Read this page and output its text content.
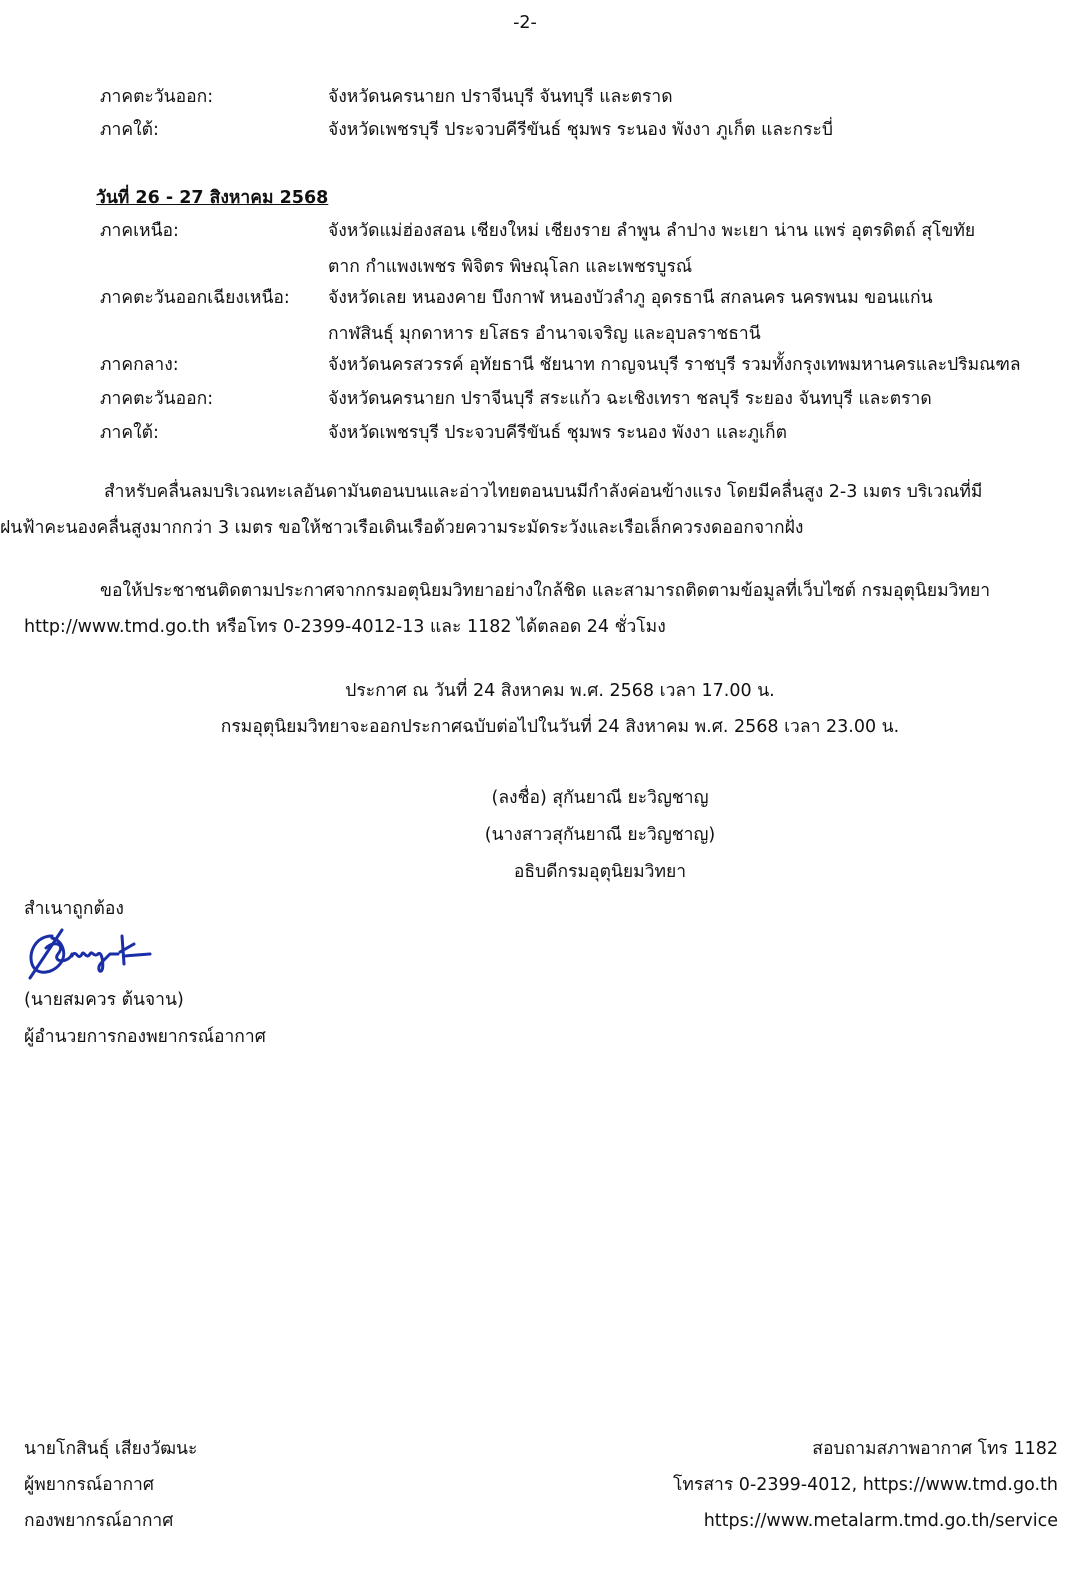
-2-
ภาคตะวันออก:	จังหวัดนครนายก ปราจีนบุรี จันทบุรี และตราด
ภาคใต้:	จังหวัดเพชรบุรี ประจวบคีรีขันธ์ ชุมพร ระนอง พังงา ภูเก็ต และกระบี่
วันที่ 26 - 27 สิงหาคม 2568
ภาคเหนือ:	จังหวัดแม่ฮ่องสอน เชียงใหม่ เชียงราย ลำพูน ลำปาง พะเยา น่าน แพร่ อุตรดิตถ์ สุโขทัย
ตาก กำแพงเพชร พิจิตร พิษณุโลก และเพชรบูรณ์
ภาคตะวันออกเฉียงเหนือ: จังหวัดเลย หนองคาย บึงกาฬ หนองบัวลำภู อุดรธานี สกลนคร นครพนม ขอนแก่น
กาฬสินธุ์ มุกดาหาร ยโสธร อำนาจเจริญ และอุบลราชธานี
ภาคกลาง:	จังหวัดนครสวรรค์ อุทัยธานี ชัยนาท กาญจนบุรี ราชบุรี รวมทั้งกรุงเทพมหานครและปริมณฑล
ภาคตะวันออก:	จังหวัดนครนายก ปราจีนบุรี สระแก้ว ฉะเชิงเทรา ชลบุรี ระยอง จันทบุรี และตราด
ภาคใต้:	จังหวัดเพชรบุรี ประจวบคีรีขันธ์ ชุมพร ระนอง พังงา และภูเก็ต
สำหรับคลื่นลมบริเวณทะเลอันดามันตอนบนและอ่าวไทยตอนบนมีกำลังค่อนข้างแรง โดยมีคลื่นสูง 2-3 เมตร บริเวณที่มี
ฝนฟ้าคะนองคลื่นสูงมากกว่า 3 เมตร ขอให้ชาวเรือเดินเรือด้วยความระมัดระวังและเรือเล็กควรงดออกจากฝั่ง
ขอให้ประชาชนติดตามประกาศจากกรมอตุนิยมวิทยาอย่างใกล้ชิด และสามารถติดตามข้อมูลที่เว็บไซต์ กรมอุตุนิยมวิทยา
http://www.tmd.go.th หรือโทร 0-2399-4012-13 และ 1182 ได้ตลอด 24 ชั่วโมง
ประกาศ ณ วันที่ 24 สิงหาคม พ.ศ. 2568 เวลา 17.00 น.
กรมอุตุนิยมวิทยาจะออกประกาศฉบับต่อไปในวันที่ 24 สิงหาคม พ.ศ. 2568 เวลา 23.00 น.
(ลงชื่อ) สุกันยาณี ยะวิญชาญ
(นางสาวสุกันยาณี ยะวิญชาญ)
อธิบดีกรมอุตุนิยมวิทยา
สำเนาถูกต้อง
(นายสมควร ต้นจาน)
ผู้อำนวยการกองพยากรณ์อากาศ
นายโกสินธุ์ เสียงวัฒนะ
ผู้พยากรณ์อากาศ
กองพยากรณ์อากาศ
สอบถามสภาพอากาศ โทร 1182
โทรสาร 0-2399-4012, https://www.tmd.go.th
https://www.metalarm.tmd.go.th/service
